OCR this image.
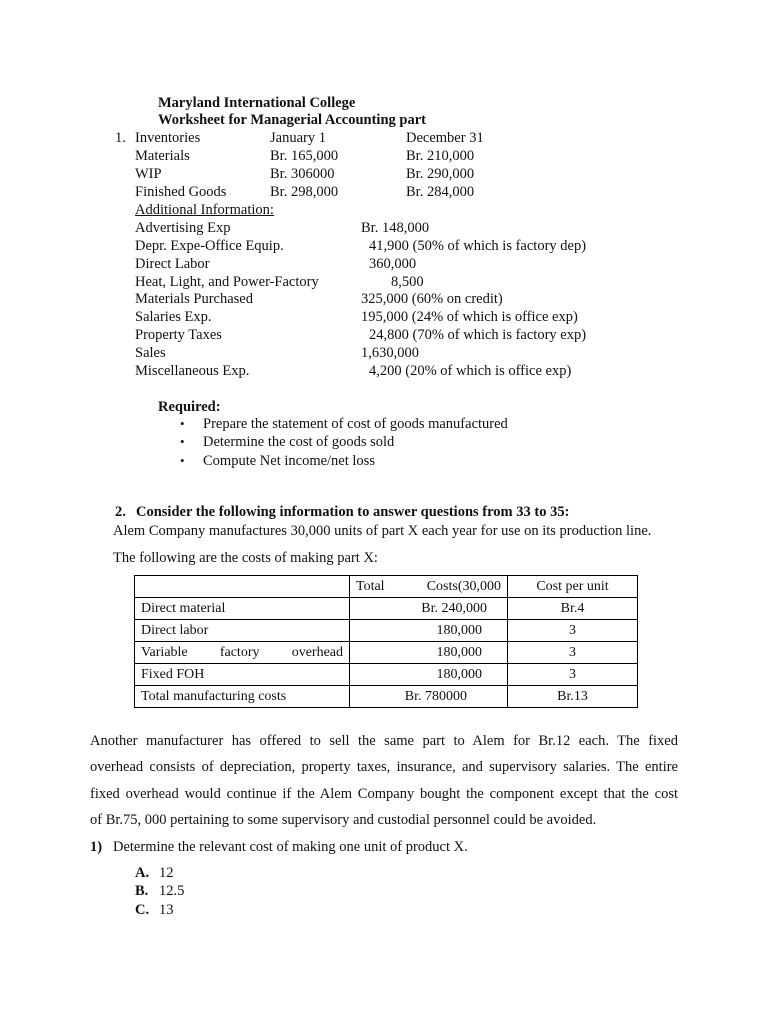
Maryland International College
Worksheet for Managerial Accounting part
1. Inventories	January 1	December 31
Materials	Br. 165,000	Br. 210,000
WIP	Br. 306000	Br. 290,000
Finished Goods	Br. 298,000	Br. 284,000
Additional Information:
Advertising Exp	Br. 148,000
Depr. Expe-Office Equip.	41,900 (50% of which is factory dep)
Direct Labor	360,000
Heat, Light, and Power-Factory	8,500
Materials Purchased	325,000 (60% on credit)
Salaries Exp.	195,000 (24% of which is office exp)
Property Taxes	24,800 (70% of which is factory exp)
Sales	1,630,000
Miscellaneous Exp.	4,200 (20% of which is office exp)
Required:
• Prepare the statement of cost of goods manufactured
• Determine the cost of goods sold
• Compute Net income/net loss
2. Consider the following information to answer questions from 33 to 35:
Alem Company manufactures 30,000 units of part X each year for use on its production line.
The following are the costs of making part X:

	Total Costs(30,000	Cost per unit
Direct material	Br. 240,000	Br.4
Direct labor	180,000	3

Variable factory overhead	180,000	3
Fixed FOH	180,000	3
Total manufacturing costs	Br. 780000	Br.13
Another manufacturer has offered to sell the same part to Alem for Br.12 each. The fixed
overhead consists of depreciation, property taxes, insurance, and supervisory salaries. The entire
fixed overhead would continue if the Alem Company bought the component except that the cost
of Br.75, 000 pertaining to some supervisory and custodial personnel could be avoided.
1) Determine the relevant cost of making one unit of product X.
A. 12
B. 12.5
C. 13
